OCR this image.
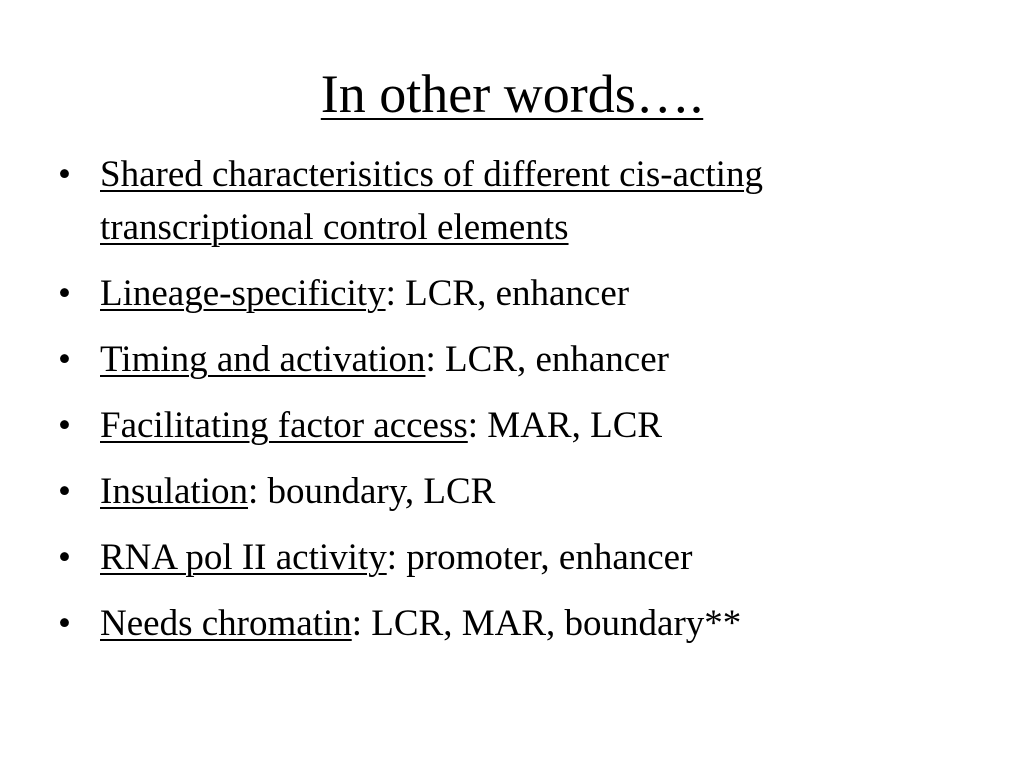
In other words….
• Shared characterisitics of different cis-acting transcriptional control elements
• Lineage-specificity: LCR, enhancer
• Timing and activation: LCR, enhancer
• Facilitating factor access: MAR, LCR
• Insulation: boundary, LCR
• RNA pol II activity: promoter, enhancer
• Needs chromatin: LCR, MAR, boundary**
